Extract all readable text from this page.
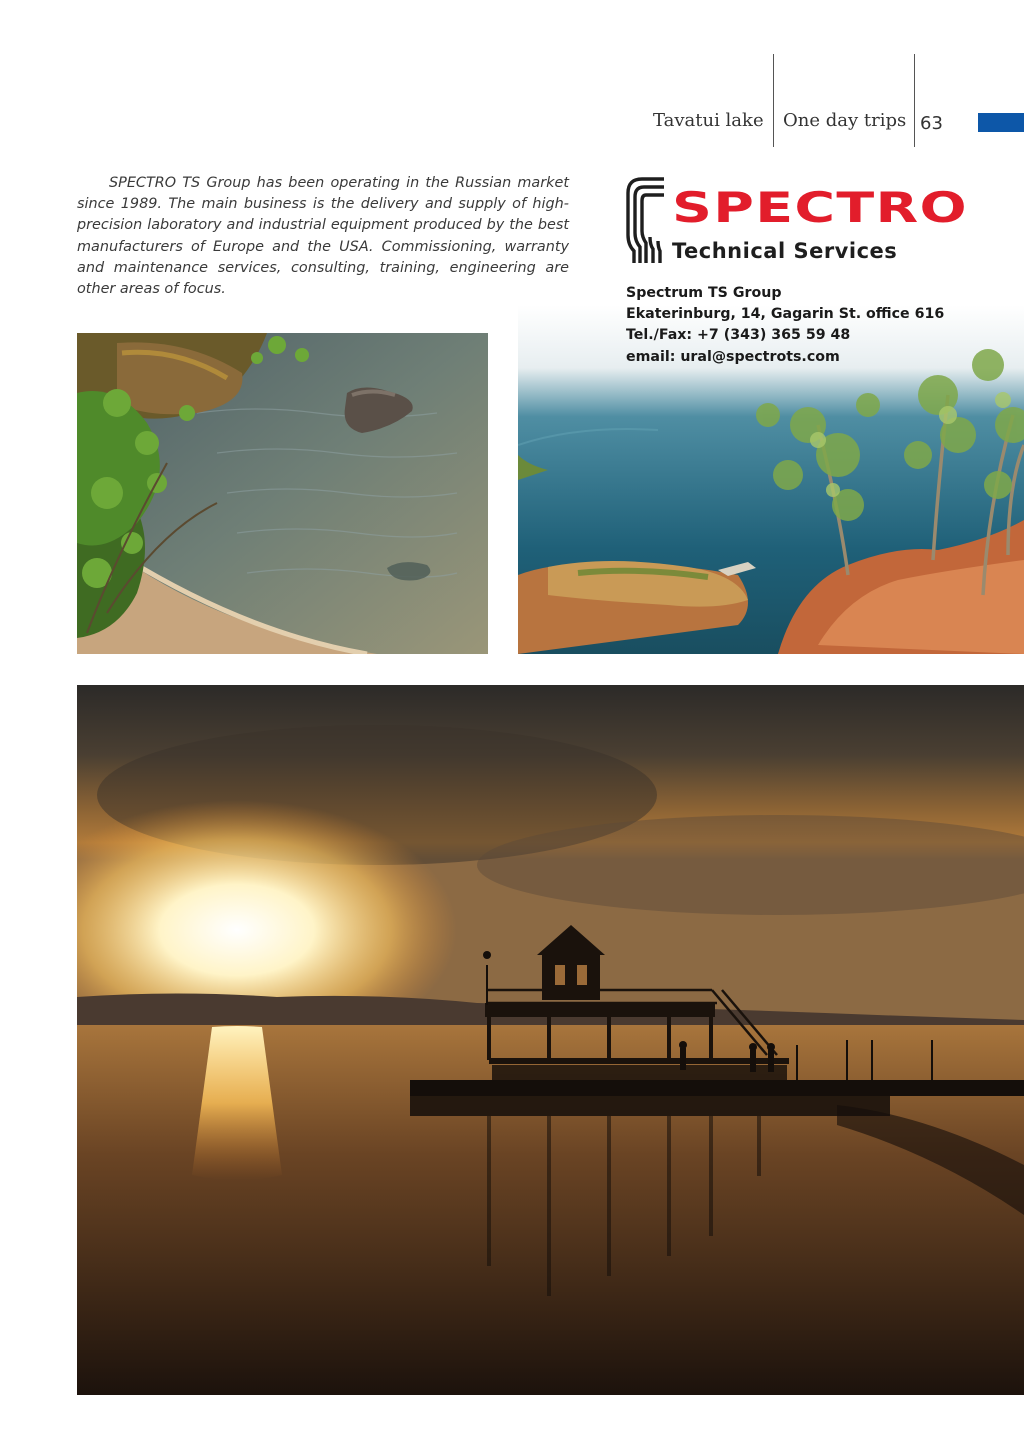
Tavatui lake One day trips 63

SPECTRO TS Group has been operating in the Russian market since 1989. The main business is the delivery and supply of high-precision laboratory and industrial equipment produced by the best manufacturers of Europe and the USA. Commissioning, warranty and maintenance services, consulting, training, engineering are other areas of focus.

SPECTRO
Technical Services
Spectrum TS Group
Ekaterinburg, 14, Gagarin St. office 616
Tel./Fax: +7 (343) 365 59 48
email: ural@spectrots.com
